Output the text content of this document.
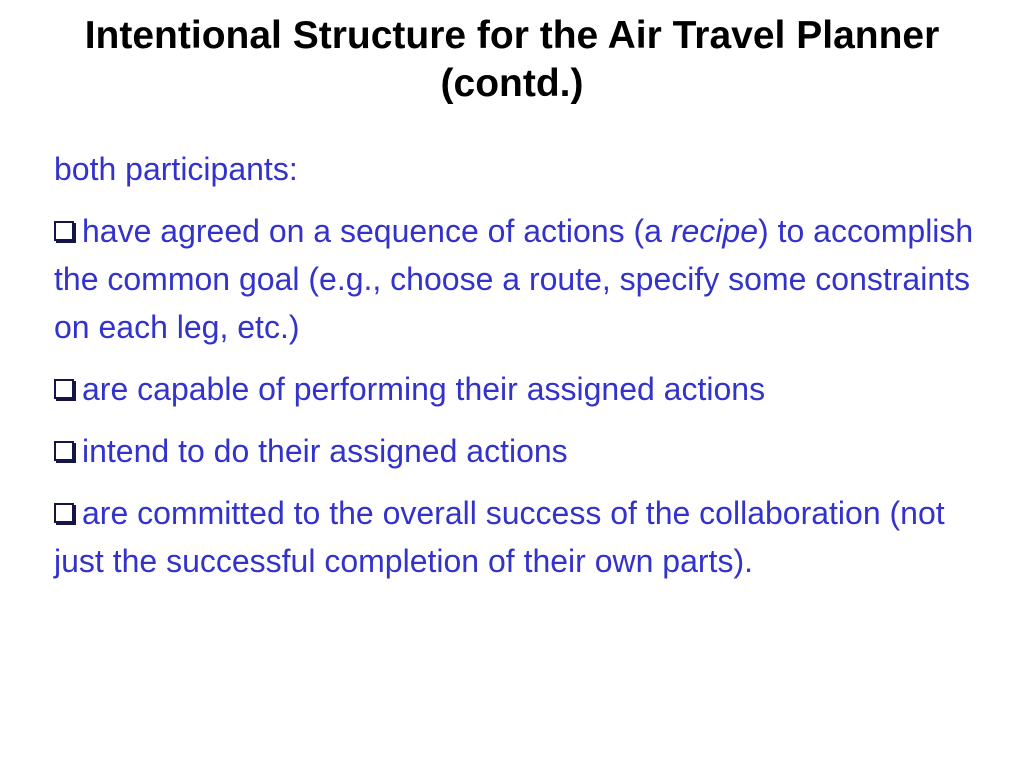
Intentional Structure for the Air Travel Planner
(contd.)
both participants:
have agreed on a sequence of actions (a recipe) to accomplish the common goal (e.g., choose a route, specify some constraints on each leg, etc.)
are capable of performing their assigned actions
intend to do their assigned actions
are committed to the overall success of the collaboration (not just the successful completion of their own parts).
